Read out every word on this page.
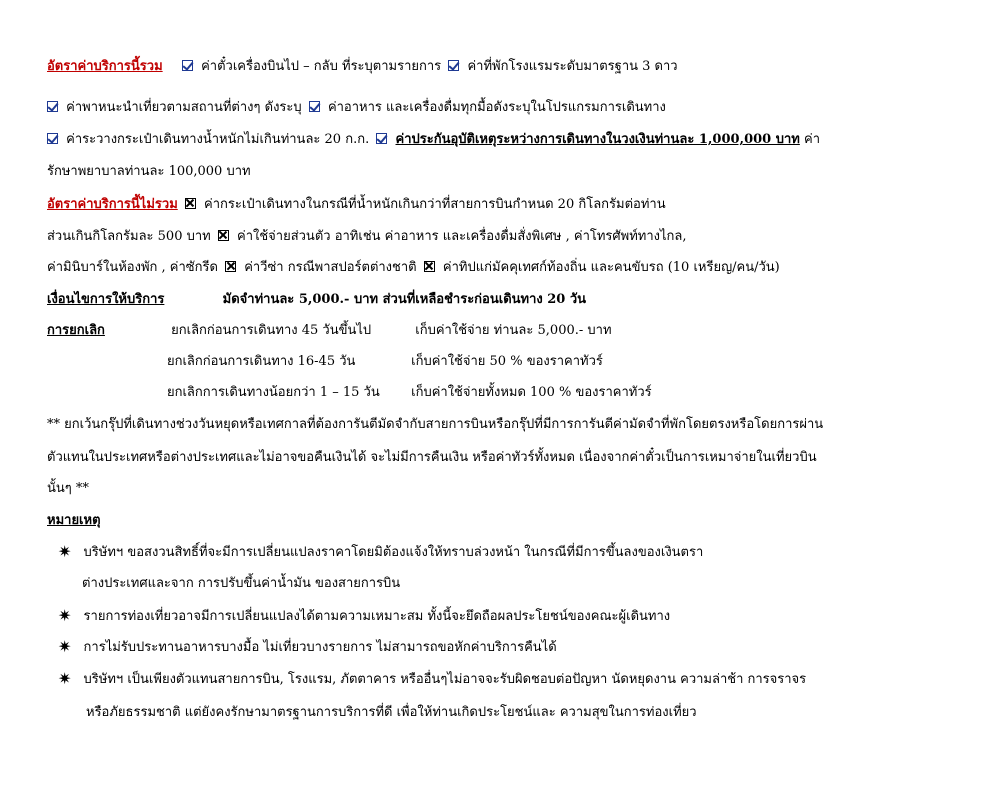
อัตราค่าบริการนี้รวม	ค่าตั๋วเครื่องบินไป – กลับ ที่ระบุตามรายการ ค่าที่พักโรงแรมระดับมาตรฐาน 3 ดาว
ค่าพาหนะนำเที่ยวตามสถานที่ต่างๆ ดังระบุ ค่าอาหาร และเครื่องดื่มทุกมื้อดังระบุในโปรแกรมการเดินทาง
ค่าระวางกระเป๋าเดินทางน้ำหนักไม่เกินท่านละ 20 ก.ก. ค่าประกันอุบัติเหตุระหว่างการเดินทางในวงเงินท่านละ 1,000,000 บาท ค่า
รักษาพยาบาลท่านละ 100,000 บาท
อัตราค่าบริการนี้ไม่รวม ค่ากระเป๋าเดินทางในกรณีที่น้ำหนักเกินกว่าที่สายการบินกำหนด 20 กิโลกรัมต่อท่าน
ส่วนเกินกิโลกรัมละ 500 บาท ค่าใช้จ่ายส่วนตัว อาทิเช่น ค่าอาหาร และเครื่องดื่มสั่งพิเศษ , ค่าโทรศัพท์ทางไกล,
ค่ามินิบาร์ในห้องพัก , ค่าซักรีด ค่าวีซ่า กรณีพาสปอร์ตต่างชาติ ค่าทิปแก่มัคคุเทศก์ท้องถิ่น และคนขับรถ (10 เหรียญ/คน/วัน)
เงื่อนไขการให้บริการ	มัดจำท่านละ 5,000.- บาท ส่วนที่เหลือชำระก่อนเดินทาง 20 วัน
การยกเลิก	ยกเลิกก่อนการเดินทาง 45 วันขึ้นไป	เก็บค่าใช้จ่าย ท่านละ 5,000.- บาท
ยกเลิกก่อนการเดินทาง 16-45 วัน	เก็บค่าใช้จ่าย 50 % ของราคาทัวร์
ยกเลิกการเดินทางน้อยกว่า 1 – 15 วัน เก็บค่าใช้จ่ายทั้งหมด 100 % ของราคาทัวร์
** ยกเว้นกรุ๊ปที่เดินทางช่วงวันหยุดหรือเทศกาลที่ต้องการันตีมัดจำกับสายการบินหรือกรุ๊ปที่มีการการันตีค่ามัดจำที่พักโดยตรงหรือโดยการผ่าน
ตัวแทนในประเทศหรือต่างประเทศและไม่อาจขอคืนเงินได้ จะไม่มีการคืนเงิน หรือค่าทัวร์ทั้งหมด เนื่องจากค่าตั๋วเป็นการเหมาจ่ายในเที่ยวบิน
นั้นๆ **
หมายเหตุ
✷ บริษัทฯ ขอสงวนสิทธิ์ที่จะมีการเปลี่ยนแปลงราคาโดยมิต้องแจ้งให้ทราบล่วงหน้า ในกรณีที่มีการขึ้นลงของเงินตรา
ต่างประเทศและจาก การปรับขึ้นค่าน้ำมัน ของสายการบิน
✷ รายการท่องเที่ยวอาจมีการเปลี่ยนแปลงได้ตามความเหมาะสม ทั้งนี้จะยึดถือผลประโยชน์ของคณะผู้เดินทาง
✷ การไม่รับประทานอาหารบางมื้อ ไม่เที่ยวบางรายการ ไม่สามารถขอหักค่าบริการคืนได้
✷ บริษัทฯ เป็นเพียงตัวแทนสายการบิน, โรงแรม, ภัตตาคาร หรืออื่นๆไม่อาจจะรับผิดชอบต่อปัญหา นัดหยุดงาน ความล่าช้า การจราจร
หรือภัยธรรมชาติ แต่ยังคงรักษามาตรฐานการบริการที่ดี เพื่อให้ท่านเกิดประโยชน์และ ความสุขในการท่องเที่ยว
